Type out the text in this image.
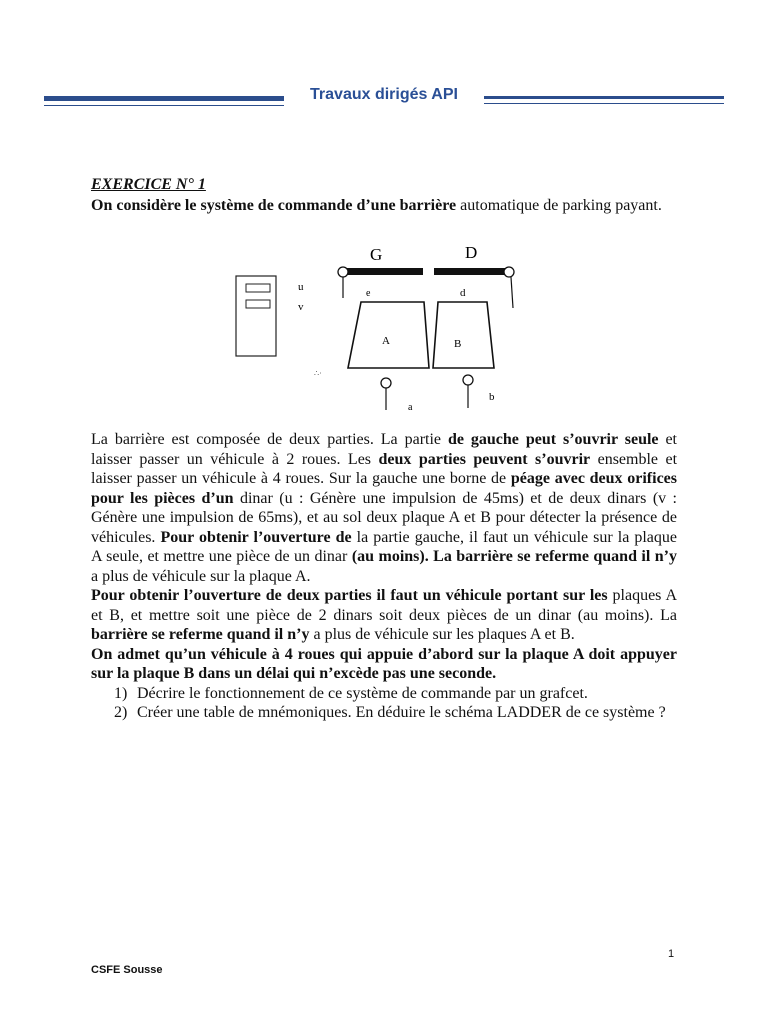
Travaux dirigés API
EXERCICE N° 1
On considère le système de commande d’une barrière automatique de parking payant.
u
v
G	D
e	d
A	B
∴·
a
b

La barrière est composée de deux parties. La partie de gauche peut s’ouvrir seule et laisser passer un véhicule à 2 roues. Les deux parties peuvent s’ouvrir ensemble et laisser passer un véhicule à 4 roues. Sur la gauche une borne de péage avec deux orifices pour les pièces d’un dinar (u : Génère une impulsion de 45ms) et de deux dinars (v : Génère une impulsion de 65ms), et au sol deux plaque A et B pour détecter la présence de véhicules. Pour obtenir l’ouverture de la partie gauche, il faut un véhicule sur la plaque A seule, et mettre une pièce de un dinar (au moins). La barrière se referme quand il n’y a plus de véhicule sur la plaque A.

Pour obtenir l’ouverture de deux parties il faut un véhicule portant sur les plaques A et B, et mettre soit une pièce de 2 dinars soit deux pièces de un dinar (au moins). La barrière se referme quand il n’y a plus de véhicule sur les plaques A et B.

On admet qu’un véhicule à 4 roues qui appuie d’abord sur la plaque A doit appuyer sur la plaque B dans un délai qui n’excède pas une seconde.

1) Décrire le fonctionnement de ce système de commande par un grafcet.
2) Créer une table de mnémoniques. En déduire le schéma LADDER de ce système ?
1
CSFE Sousse
